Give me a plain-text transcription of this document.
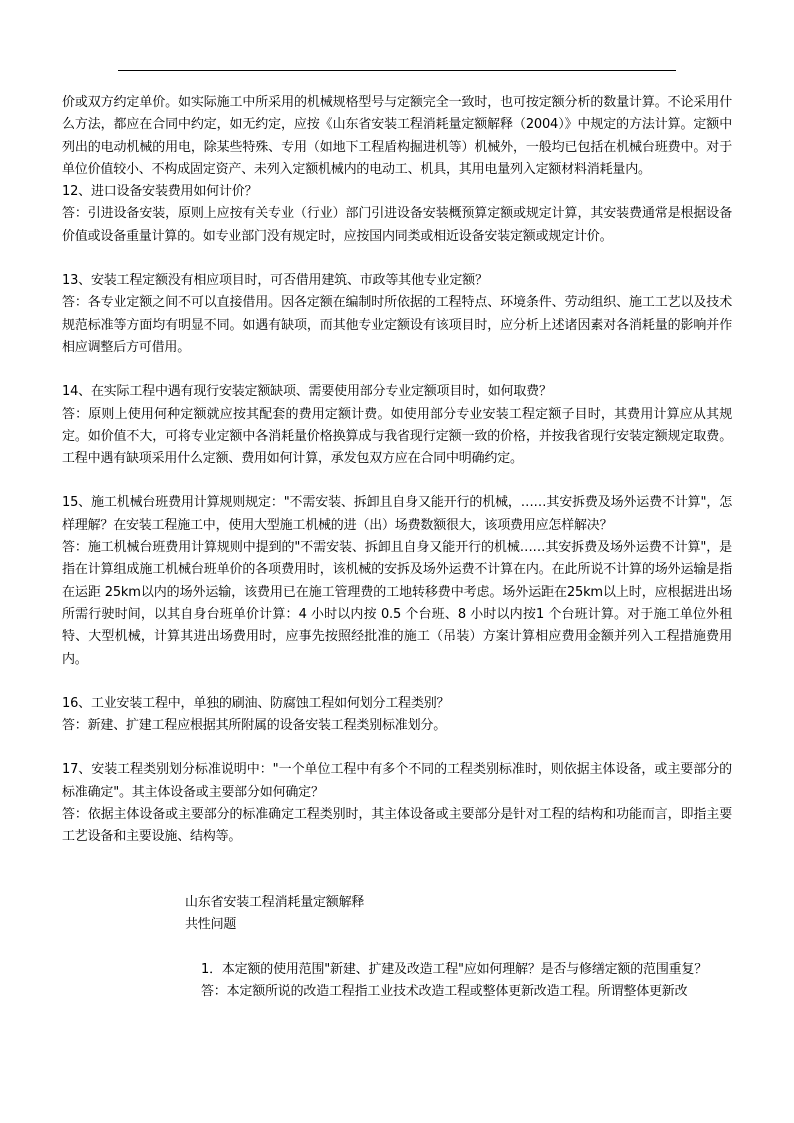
价或双方约定单价。如实际施工中所采用的机械规格型号与定额完全一致时，也可按定额分析的数量计算。不论采用什么方法，都应在合同中约定，如无约定，应按《山东省安装工程消耗量定额解释（2004）》中规定的方法计算。定额中列出的电动机械的用电，除某些特殊、专用（如地下工程盾构掘进机等）机械外，一般均已包括在机械台班费中。对于单位价值较小、不构成固定资产、未列入定额机械内的电动工、机具，其用电量列入定额材料消耗量内。

12、进口设备安装费用如何计价？

答：引进设备安装，原则上应按有关专业（行业）部门引进设备安装概预算定额或规定计算，其安装费通常是根据设备价值或设备重量计算的。如专业部门没有规定时，应按国内同类或相近设备安装定额或规定计价。

13、安装工程定额没有相应项目时，可否借用建筑、市政等其他专业定额？

答：各专业定额之间不可以直接借用。因各定额在编制时所依据的工程特点、环境条件、劳动组织、施工工艺以及技术规范标准等方面均有明显不同。如遇有缺项，而其他专业定额设有该项目时，应分析上述诸因素对各消耗量的影响并作相应调整后方可借用。

14、在实际工程中遇有现行安装定额缺项、需要使用部分专业定额项目时，如何取费？

答：原则上使用何种定额就应按其配套的费用定额计费。如使用部分专业安装工程定额子目时，其费用计算应从其规定。如价值不大，可将专业定额中各消耗量价格换算成与我省现行定额一致的价格，并按我省现行安装定额规定取费。工程中遇有缺项采用什么定额、费用如何计算，承发包双方应在合同中明确约定。

15、施工机械台班费用计算规则规定："不需安装、拆卸且自身又能开行的机械，……其安拆费及场外运费不计算"，怎样理解？在安装工程施工中，使用大型施工机械的进（出）场费数额很大，该项费用应怎样解决？

答：施工机械台班费用计算规则中提到的"不需安装、拆卸且自身又能开行的机械……其安拆费及场外运费不计算"，是指在计算组成施工机械台班单价的各项费用时，该机械的安拆及场外运费不计算在内。在此所说不计算的场外运输是指在运距 25km以内的场外运输，该费用已在施工管理费的工地转移费中考虑。场外运距在25km以上时，应根据进出场所需行驶时间，以其自身台班单价计算：4 小时以内按 0.5 个台班、8 小时以内按1 个台班计算。对于施工单位外租特、大型机械，计算其进出场费用时，应事先按照经批准的施工（吊装）方案计算相应费用金额并列入工程措施费用内。

16、工业安装工程中，单独的刷油、防腐蚀工程如何划分工程类别？

答：新建、扩建工程应根据其所附属的设备安装工程类别标准划分。

17、安装工程类别划分标准说明中："一个单位工程中有多个不同的工程类别标准时，则依据主体设备，或主要部分的标准确定"。其主体设备或主要部分如何确定？

答：依据主体设备或主要部分的标准确定工程类别时，其主体设备或主要部分是针对工程的结构和功能而言，即指主要工艺设备和主要设施、结构等。

山东省安装工程消耗量定额解释

共性问题

1．本定额的使用范围"新建、扩建及改造工程"应如何理解？是否与修缮定额的范围重复？

答：本定额所说的改造工程指工业技术改造工程或整体更新改造工程。所谓整体更新改
